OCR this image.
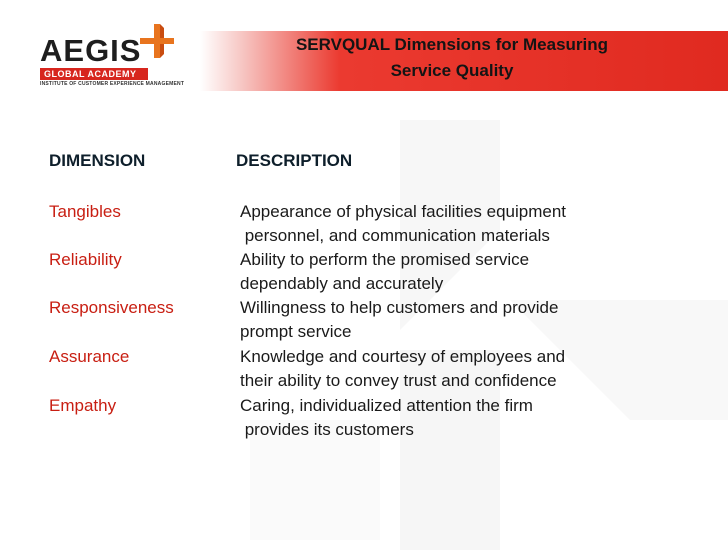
SERVQUAL Dimensions for Measuring
Service Quality
AEGIS
GLOBAL ACADEMY
INSTITUTE OF CUSTOMER EXPERIENCE MANAGEMENT
DIMENSION	DESCRIPTION
Tangibles	Appearance of physical facilities equipment
personnel, and communication materials
Reliability	Ability to perform the promised service
dependably and accurately
Responsiveness	Willingness to help customers and provide
prompt service
Assurance	Knowledge and courtesy of employees and
their ability to convey trust and confidence
Empathy	Caring, individualized attention the firm
provides its customers
